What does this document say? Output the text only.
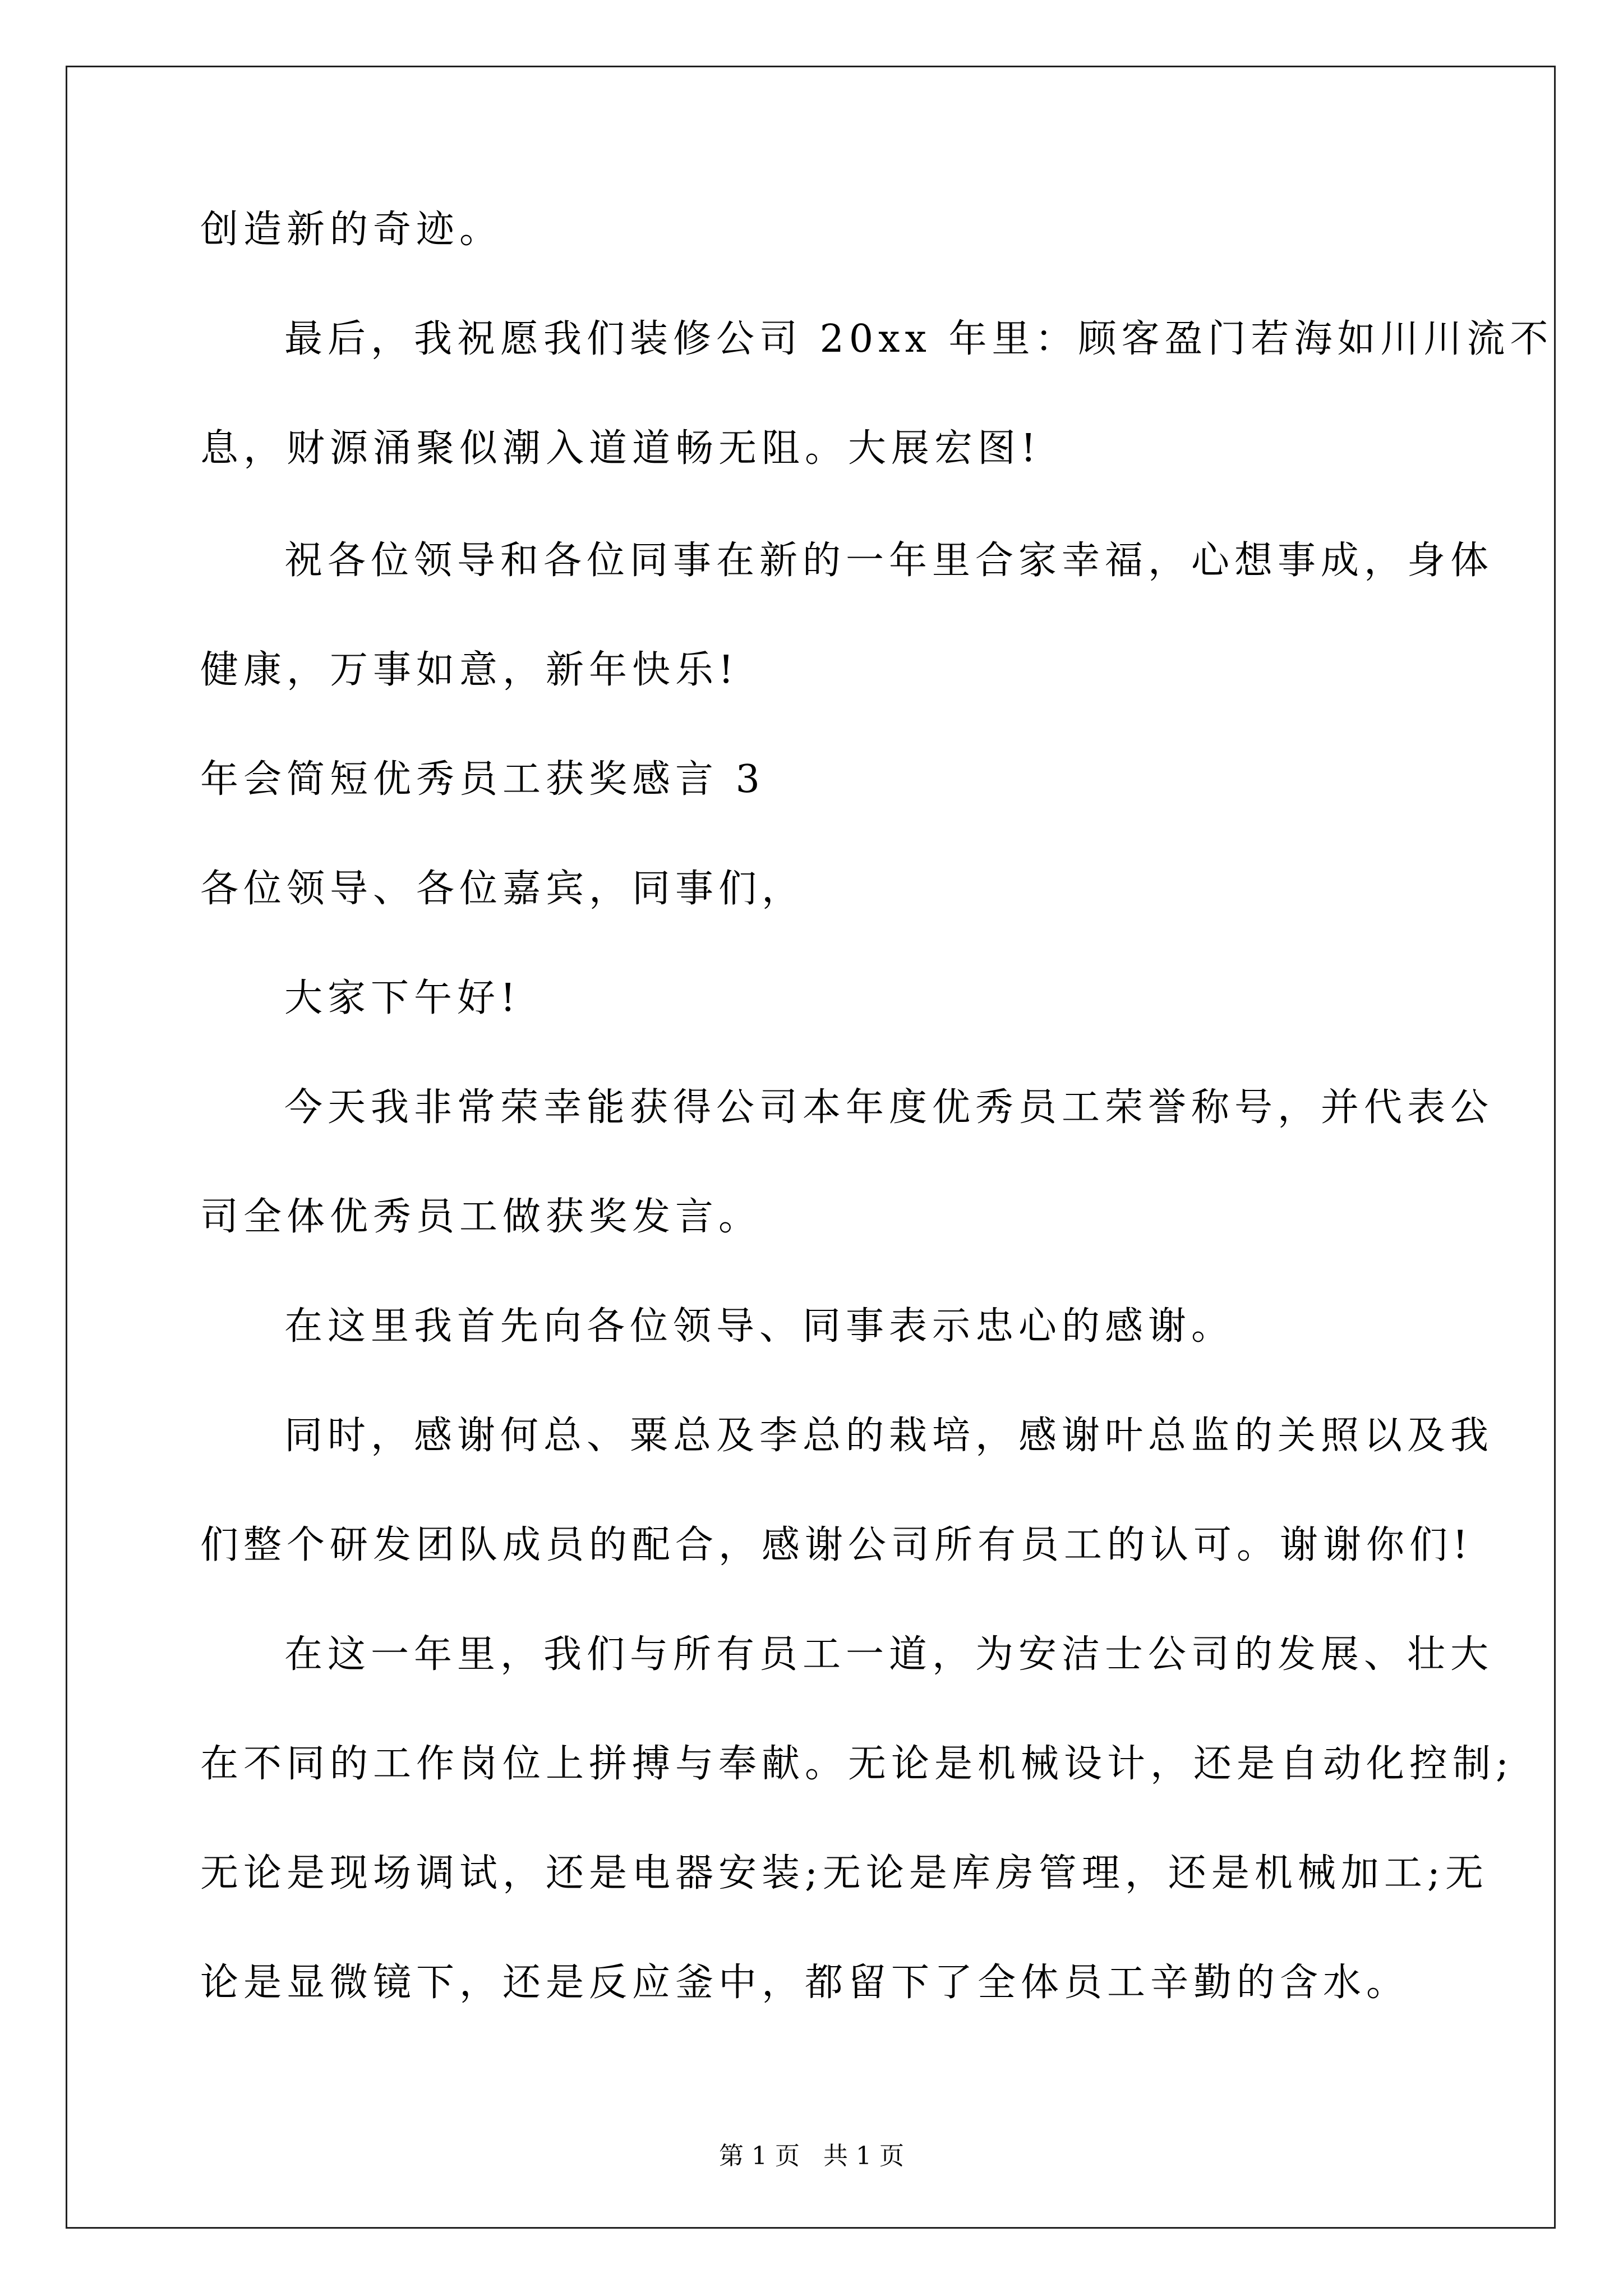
创造新的奇迹。
最后，我祝愿我们装修公司 20xx 年里：顾客盈门若海如川川流不
息，财源涌聚似潮入道道畅无阻。大展宏图!
祝各位领导和各位同事在新的一年里合家幸福，心想事成，身体
健康，万事如意，新年快乐!
年会简短优秀员工获奖感言 3
各位领导、各位嘉宾，同事们，
大家下午好!
今天我非常荣幸能获得公司本年度优秀员工荣誉称号，并代表公
司全体优秀员工做获奖发言。
在这里我首先向各位领导、同事表示忠心的感谢。
同时，感谢何总、粟总及李总的栽培，感谢叶总监的关照以及我
们整个研发团队成员的配合，感谢公司所有员工的认可。谢谢你们!
在这一年里，我们与所有员工一道，为安洁士公司的发展、壮大
在不同的工作岗位上拼搏与奉献。无论是机械设计，还是自动化控制;
无论是现场调试，还是电器安装;无论是库房管理，还是机械加工;无
论是显微镜下，还是反应釜中，都留下了全体员工辛勤的含水。
第 1 页   共 1 页
